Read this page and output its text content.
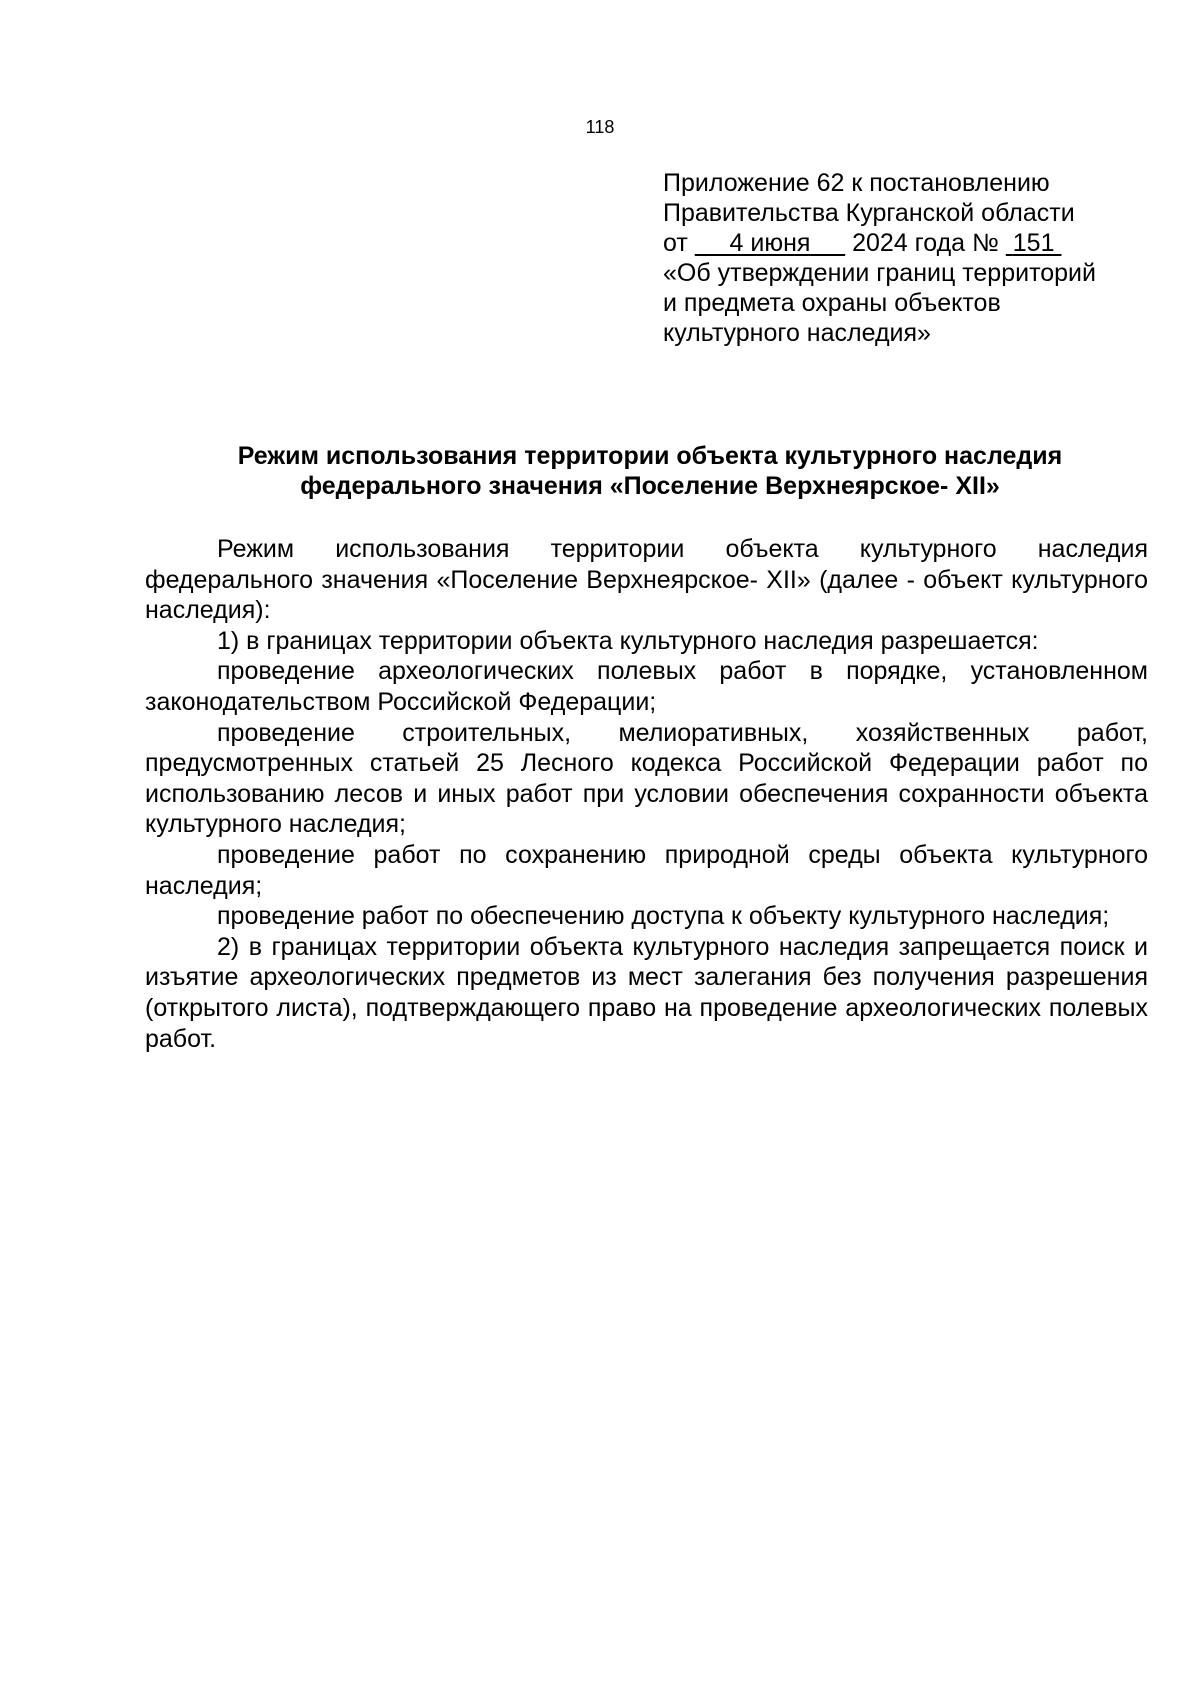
118
Приложение 62 к постановлению
Правительства Курганской области
от 4 июня 2024 года № 151
«Об утверждении границ территорий
и предмета охраны объектов
культурного наследия»
Режим использования территории объекта культурного наследия
федерального значения «Поселение Верхнеярское- XII»

Режим использования территории объекта культурного наследия федерального значения «Поселение Верхнеярское- XII» (далее - объект культурного наследия):

1) в границах территории объекта культурного наследия разрешается:

проведение археологических полевых работ в порядке, установленном законодательством Российской Федерации;

проведение строительных, мелиоративных, хозяйственных работ, предусмотренных статьей 25 Лесного кодекса Российской Федерации работ по использованию лесов и иных работ при условии обеспечения сохранности объекта культурного наследия;

проведение работ по сохранению природной среды объекта культурного наследия;

проведение работ по обеспечению доступа к объекту культурного наследия;

2) в границах территории объекта культурного наследия запрещается поиск и изъятие археологических предметов из мест залегания без получения разрешения (открытого листа), подтверждающего право на проведение археологических полевых работ.
